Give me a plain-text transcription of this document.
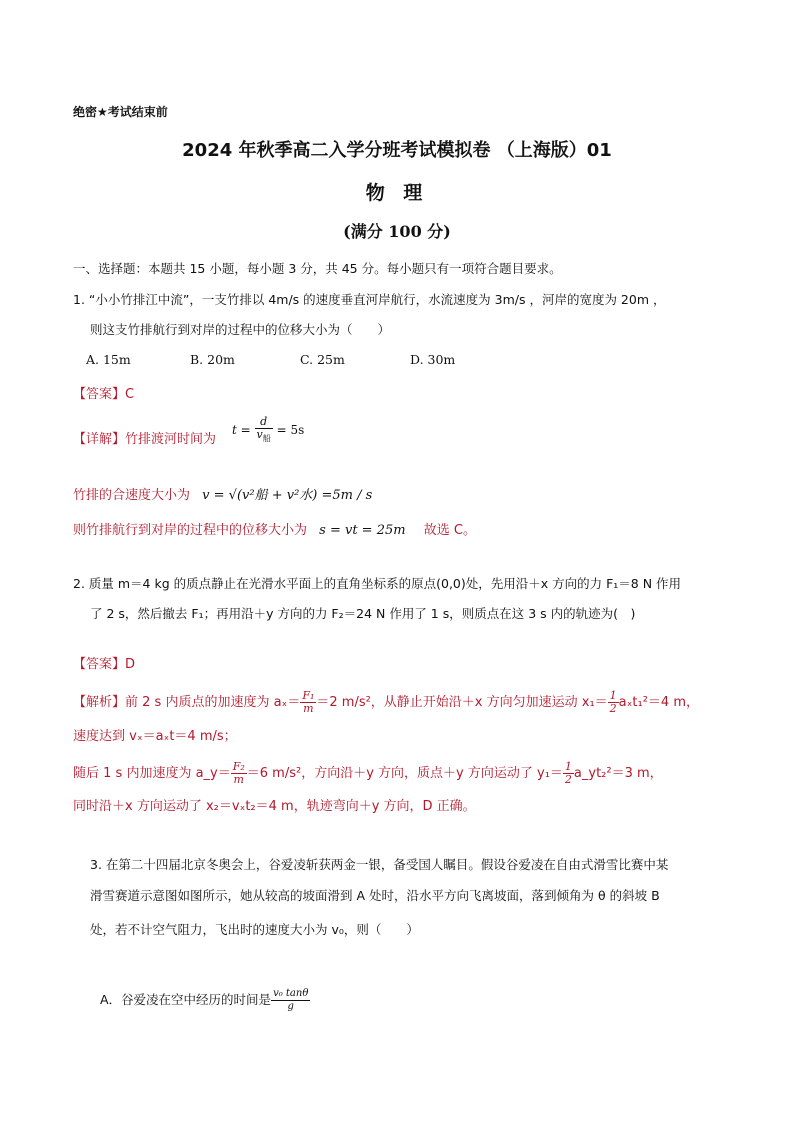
绝密★考试结束前
2024 年秋季高二入学分班考试模拟卷 （上海版）01
物 理
(满分 100 分)
一、选择题：本题共 15 小题，每小题 3 分，共 45 分。每小题只有一项符合题目要求。
1. “小小竹排江中流”，一支竹排以 4m/s 的速度垂直河岸航行，水流速度为 3m/s ，河岸的宽度为 20m ，
则这支竹排航行到对岸的过程中的位移大小为（　　）
A. 15m	B. 20m	C. 25m	D. 30m
【答案】C
【详解】竹排渡河时间为
$t = \frac{d}{v_船} = 5s$
竹排的合速度大小为 v = √(v²船 + v²水) =5m / s
则竹排航行到对岸的过程中的位移大小为 s = vt = 25m 故选 C。
2. 质量 m＝4 kg 的质点静止在光滑水平面上的直角坐标系的原点(0,0)处，先用沿＋x 方向的力 F₁＝8 N 作用
了 2 s，然后撤去 F₁；再用沿＋y 方向的力 F₂＝24 N 作用了 1 s，则质点在这 3 s 内的轨迹为(　)
【答案】D
【解析】前 2 s 内质点的加速度为 $a_x= \frac{\text{F₁}}{m} =2$ m/s²，从静止开始沿＋x 方向匀加速运动 $x_1= \frac{1}{2} a_xt_1^2=4$ m，
速度达到 vₓ＝aₓt＝4 m/s；
随后 1 s 内加速度为 a_y＝ $\frac{\text{F₂}}{m} =6$ m/s²，方向沿＋y 方向，质点＋y 方向运动了 $y_1= \frac{1}{2}$ a_yt₂²＝3 m，
同时沿＋x 方向运动了 x₂＝vₓt₂＝4 m，轨迹弯向＋y 方向，D 正确。
3. 在第二十四届北京冬奥会上，谷爱凌斩获两金一银，备受国人瞩目。假设谷爱凌在自由式滑雪比赛中某
滑雪赛道示意图如图所示，她从较高的坡面滑到 A 处时，沿水平方向飞离坡面，落到倾角为 θ 的斜坡 B
处，若不计空气阻力，飞出时的速度大小为 v₀，则（　　）
A．谷爱凌在空中经历的时间是 $\frac{\text{v₀ tanθ}}{g}$
